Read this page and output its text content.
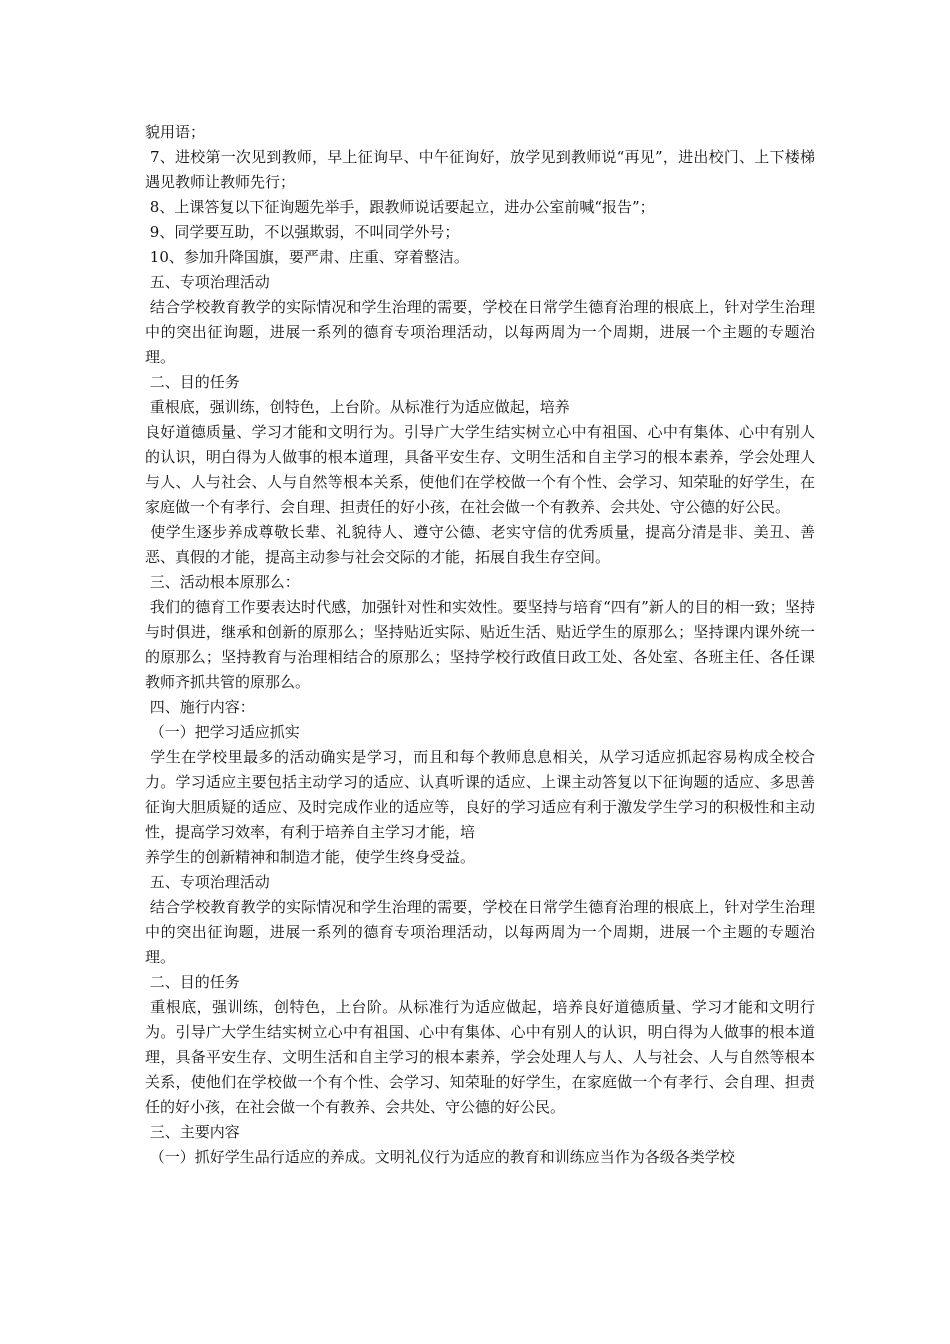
貌用语；

7、进校第一次见到教师，早上征询早、中午征询好，放学见到教师说“再见”，进出校门、上下楼梯遇见教师让教师先行；

8、上课答复以下征询题先举手，跟教师说话要起立，进办公室前喊“报告”；

9、同学要互助，不以强欺弱，不叫同学外号；

10、参加升降国旗，要严肃、庄重、穿着整洁。

五、专项治理活动

结合学校教育教学的实际情况和学生治理的需要，学校在日常学生德育治理的根底上，针对学生治理中的突出征询题，进展一系列的德育专项治理活动，以每两周为一个周期，进展一个主题的专题治理。

二、目的任务

重根底，强训练，创特色，上台阶。从标准行为适应做起，培养

良好道德质量、学习才能和文明行为。引导广大学生结实树立心中有祖国、心中有集体、心中有别人的认识，明白得为人做事的根本道理，具备平安生存、文明生活和自主学习的根本素养，学会处理人与人、人与社会、人与自然等根本关系，使他们在学校做一个有个性、会学习、知荣耻的好学生，在家庭做一个有孝行、会自理、担责任的好小孩，在社会做一个有教养、会共处、守公德的好公民。

使学生逐步养成尊敬长辈、礼貌待人、遵守公德、老实守信的优秀质量，提高分清是非、美丑、善恶、真假的才能，提高主动参与社会交际的才能，拓展自我生存空间。

三、活动根本原那么：

我们的德育工作要表达时代感，加强针对性和实效性。要坚持与培育“四有”新人的目的相一致；坚持与时俱进，继承和创新的原那么；坚持贴近实际、贴近生活、贴近学生的原那么；坚持课内课外统一的原那么；坚持教育与治理相结合的原那么；坚持学校行政值日政工处、各处室、各班主任、各任课教师齐抓共管的原那么。

四、施行内容：

（一）把学习适应抓实

学生在学校里最多的活动确实是学习，而且和每个教师息息相关，从学习适应抓起容易构成全校合力。学习适应主要包括主动学习的适应、认真听课的适应、上课主动答复以下征询题的适应、多思善征询大胆质疑的适应、及时完成作业的适应等，良好的学习适应有利于激发学生学习的积极性和主动性，提高学习效率，有利于培养自主学习才能，培

养学生的创新精神和制造才能，使学生终身受益。

五、专项治理活动

结合学校教育教学的实际情况和学生治理的需要，学校在日常学生德育治理的根底上，针对学生治理中的突出征询题，进展一系列的德育专项治理活动，以每两周为一个周期，进展一个主题的专题治理。

二、目的任务

重根底，强训练，创特色，上台阶。从标准行为适应做起，培养良好道德质量、学习才能和文明行为。引导广大学生结实树立心中有祖国、心中有集体、心中有别人的认识，明白得为人做事的根本道理，具备平安生存、文明生活和自主学习的根本素养，学会处理人与人、人与社会、人与自然等根本关系，使他们在学校做一个有个性、会学习、知荣耻的好学生，在家庭做一个有孝行、会自理、担责任的好小孩，在社会做一个有教养、会共处、守公德的好公民。

三、主要内容

（一）抓好学生品行适应的养成。文明礼仪行为适应的教育和训练应当作为各级各类学校
